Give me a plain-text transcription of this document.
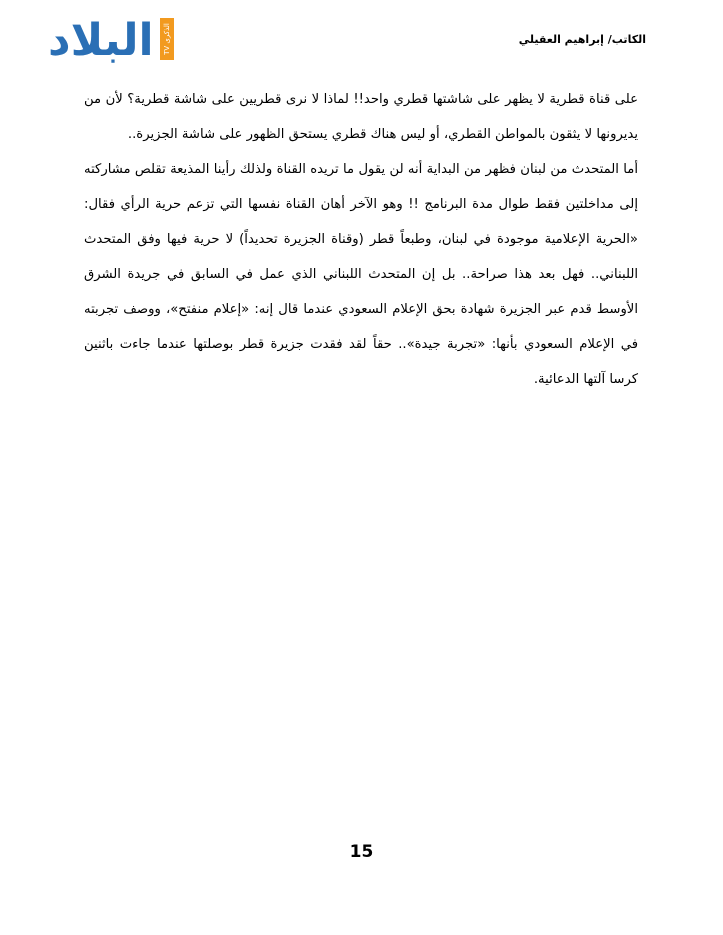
البلاد TV الذكرى	الكاتب/ إبراهيم العقيلي

على قناة قطرية لا يظهر على شاشتها قطري واحد!! لماذا لا نرى قطريين على شاشة قطرية؟ لأن من يديرونها لا يثقون بالمواطن القطري، أو ليس هناك قطري يستحق الظهور على شاشة الجزيرة..

أما المتحدث من لبنان فظهر من البداية أنه لن يقول ما تريده القناة ولذلك رأينا المذيعة تقلص مشاركته إلى مداخلتين فقط طوال مدة البرنامج !! وهو الآخر أهان القناة نفسها التي تزعم حرية الرأي فقال: «الحرية الإعلامية موجودة في لبنان، وطبعاً قطر (وقناة الجزيرة تحديداً) لا حرية فيها وفق المتحدث اللبناني.. فهل بعد هذا صراحة.. بل إن المتحدث اللبناني الذي عمل في السابق في جريدة الشرق الأوسط قدم عبر الجزيرة شهادة بحق الإعلام السعودي عندما قال إنه: «إعلام منفتح»، ووصف تجربته في الإعلام السعودي بأنها: «تجربة جيدة».. حقاً لقد فقدت جزيرة قطر بوصلتها عندما جاءت باثنين كرسا آلتها الدعائية.

15
